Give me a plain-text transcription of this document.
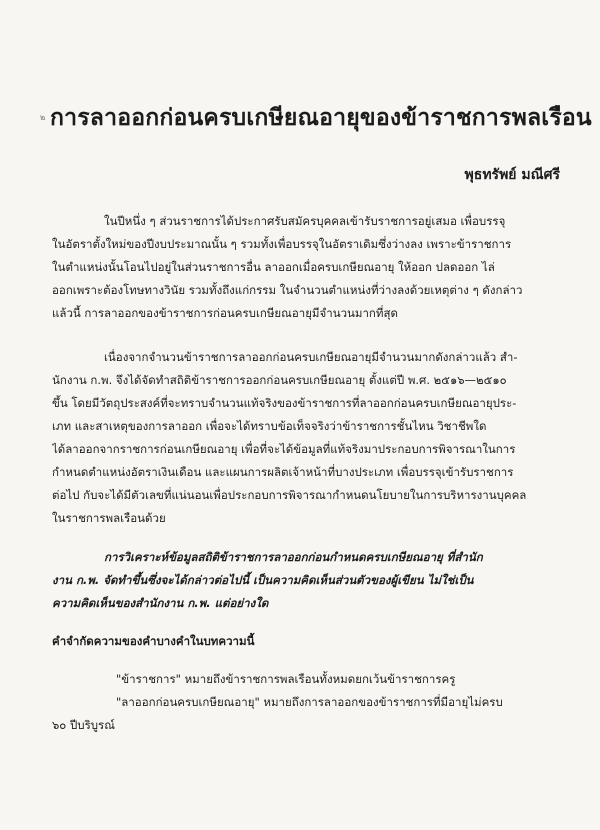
๒ การลาออกก่อนครบเกษียณอายุของข้าราชการพลเรือน
พุธทรัพย์ มณีศรี
ในปีหนึ่ง ๆ ส่วนราชการได้ประกาศรับสมัครบุคคลเข้ารับราชการอยู่เสมอ เพื่อบรรจุ
ในอัตราตั้งใหม่ของปีงบประมาณนั้น ๆ รวมทั้งเพื่อบรรจุในอัตราเดิมซึ่งว่างลง เพราะข้าราชการ
ในตำแหน่งนั้นโอนไปอยู่ในส่วนราชการอื่น ลาออกเมื่อครบเกษียณอายุ ให้ออก ปลดออก ไล่
ออกเพราะต้องโทษทางวินัย รวมทั้งถึงแก่กรรม ในจำนวนตำแหน่งที่ว่างลงด้วยเหตุต่าง ๆ ดังกล่าว
แล้วนี้ การลาออกของข้าราชการก่อนครบเกษียณอายุมีจำนวนมากที่สุด
เนื่องจากจำนวนข้าราชการลาออกก่อนครบเกษียณอายุมีจำนวนมากดังกล่าวแล้ว สำ-
นักงาน ก.พ. จึงได้จัดทำสถิติข้าราชการออกก่อนครบเกษียณอายุ ตั้งแต่ปี พ.ศ. ๒๕๑๖—๒๕๑๐
ขึ้น โดยมีวัตถุประสงค์ที่จะทราบจำนวนแท้จริงของข้าราชการที่ลาออกก่อนครบเกษียณอายุประ-
เภท และสาเหตุของการลาออก เพื่อจะได้ทราบข้อเท็จจริงว่าข้าราชการชั้นไหน วิชาชีพใด
ได้ลาออกจากราชการก่อนเกษียณอายุ เพื่อที่จะได้ข้อมูลที่แท้จริงมาประกอบการพิจารณาในการ
กำหนดตำแหน่งอัตราเงินเดือน และแผนการผลิตเจ้าหน้าที่บางประเภท เพื่อบรรจุเข้ารับราชการ
ต่อไป กับจะได้มีตัวเลขที่แน่นอนเพื่อประกอบการพิจารณากำหนดนโยบายในการบริหารงานบุคคล
ในราชการพลเรือนด้วย
การวิเคราะห์ข้อมูลสถิติข้าราชการลาออกก่อนกำหนดครบเกษียณอายุ ที่สำนัก
งาน ก.พ. จัดทำขึ้นซึ่งจะได้กล่าวต่อไปนี้ เป็นความคิดเห็นส่วนตัวของผู้เขียน ไม่ใช่เป็น
ความคิดเห็นของสำนักงาน ก.พ. แต่อย่างใด
คำจำกัดความของคำบางคำในบทความนี้
"ข้าราชการ" หมายถึงข้าราชการพลเรือนทั้งหมดยกเว้นข้าราชการครู
"ลาออกก่อนครบเกษียณอายุ" หมายถึงการลาออกของข้าราชการที่มีอายุไม่ครบ
๖๐ ปีบริบูรณ์
